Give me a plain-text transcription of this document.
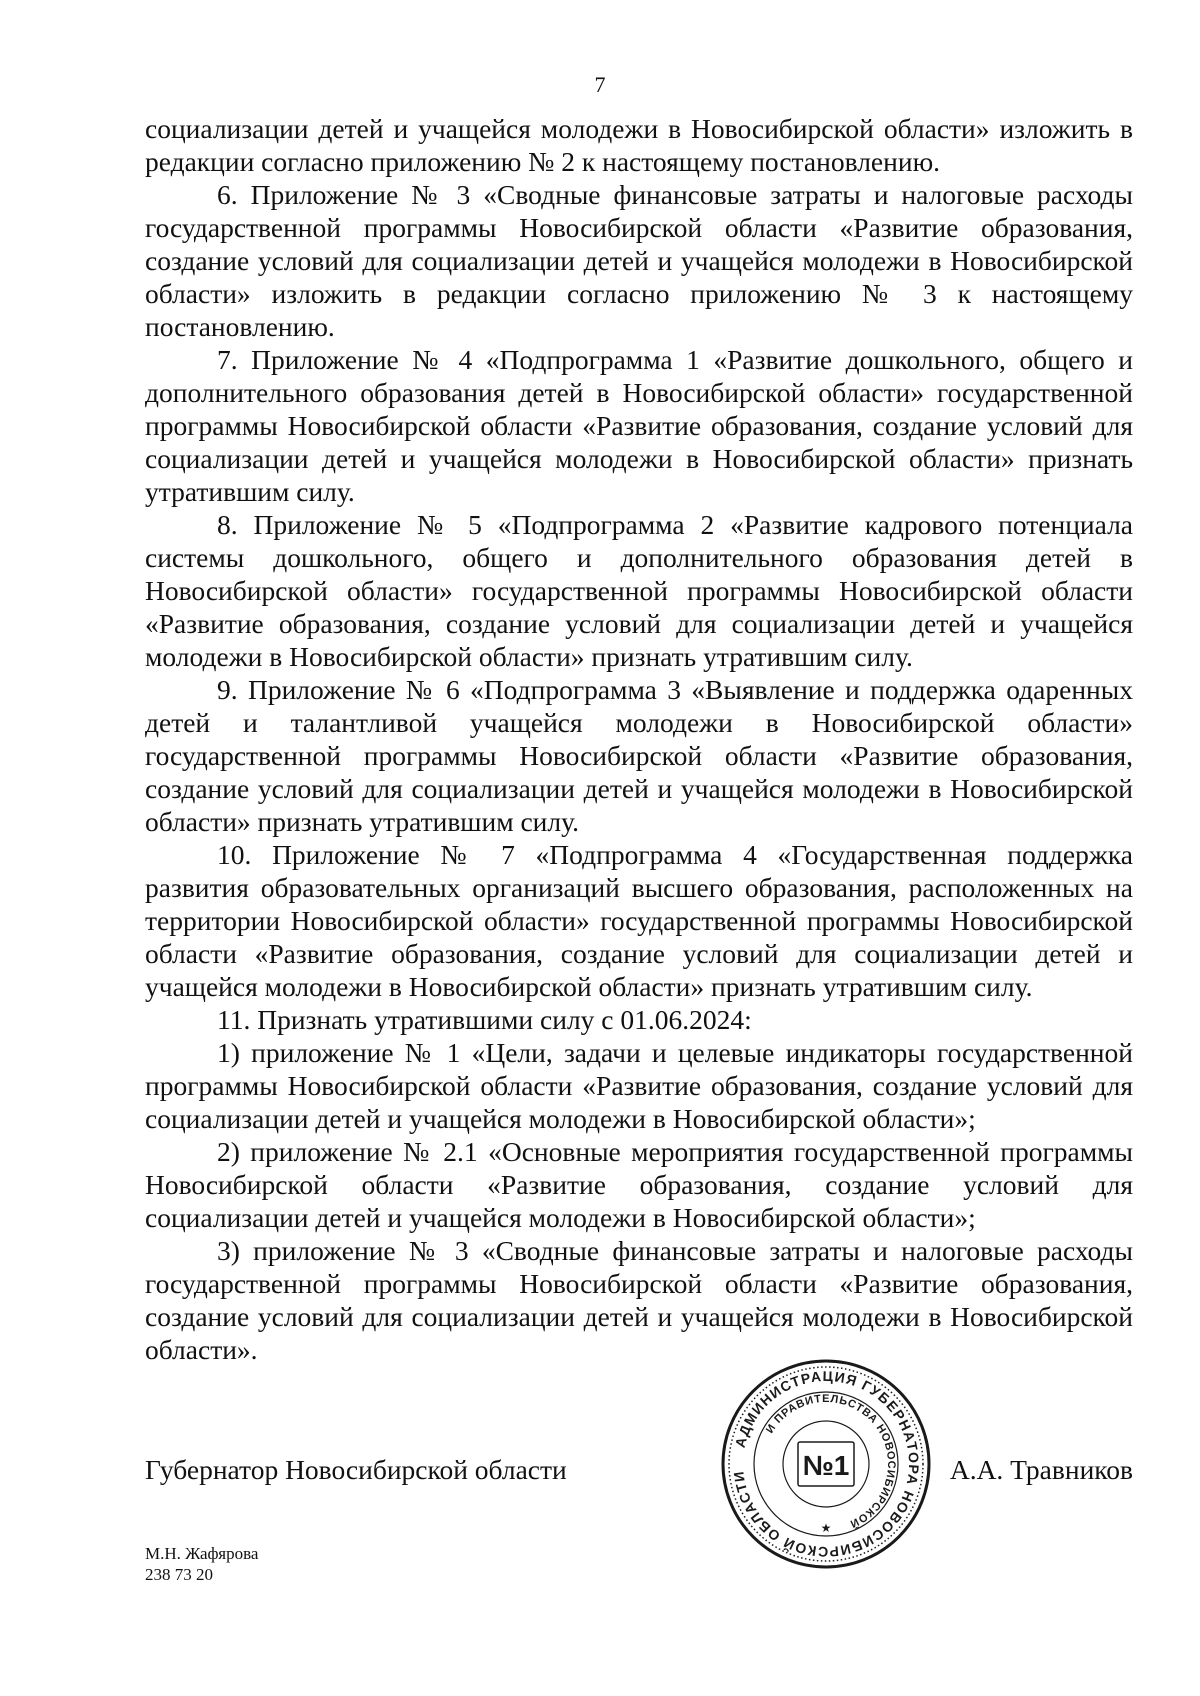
7

социализации детей и учащейся молодежи в Новосибирской области» изложить в редакции согласно приложению № 2 к настоящему постановлению.

6. Приложение № 3 «Сводные финансовые затраты и налоговые расходы государственной программы Новосибирской области «Развитие образования, создание условий для социализации детей и учащейся молодежи в Новосибирской области» изложить в редакции согласно приложению № 3 к настоящему постановлению.

7. Приложение № 4 «Подпрограмма 1 «Развитие дошкольного, общего и дополнительного образования детей в Новосибирской области» государственной программы Новосибирской области «Развитие образования, создание условий для социализации детей и учащейся молодежи в Новосибирской области» признать утратившим силу.

8. Приложение № 5 «Подпрограмма 2 «Развитие кадрового потенциала системы дошкольного, общего и дополнительного образования детей в Новосибирской области» государственной программы Новосибирской области «Развитие образования, создание условий для социализации детей и учащейся молодежи в Новосибирской области» признать утратившим силу.

9. Приложение № 6 «Подпрограмма 3 «Выявление и поддержка одаренных детей и талантливой учащейся молодежи в Новосибирской области» государственной программы Новосибирской области «Развитие образования, создание условий для социализации детей и учащейся молодежи в Новосибирской области» признать утратившим силу.

10. Приложение № 7 «Подпрограмма 4 «Государственная поддержка развития образовательных организаций высшего образования, расположенных на территории Новосибирской области» государственной программы Новосибирской области «Развитие образования, создание условий для социализации детей и учащейся молодежи в Новосибирской области» признать утратившим силу.

11. Признать утратившими силу с 01.06.2024:

1) приложение № 1 «Цели, задачи и целевые индикаторы государственной программы Новосибирской области «Развитие образования, создание условий для социализации детей и учащейся молодежи в Новосибирской области»;

2) приложение № 2.1 «Основные мероприятия государственной программы Новосибирской области «Развитие образования, создание условий для социализации детей и учащейся молодежи в Новосибирской области»;

3) приложение № 3 «Сводные финансовые затраты и налоговые расходы государственной программы Новосибирской области «Развитие образования, создание условий для социализации детей и учащейся молодежи в Новосибирской области».

Губернатор Новосибирской области	А.А. Травников
АДМИНИСТРАЦИЯ ГУБЕРНАТОРА НОВОСИБИРСКОЙ ОБЛАСТИ
И ПРАВИТЕЛЬСТВА НОВОСИБИРСКОЙ
№1
★
М.Н. Жафярова
238 73 20
